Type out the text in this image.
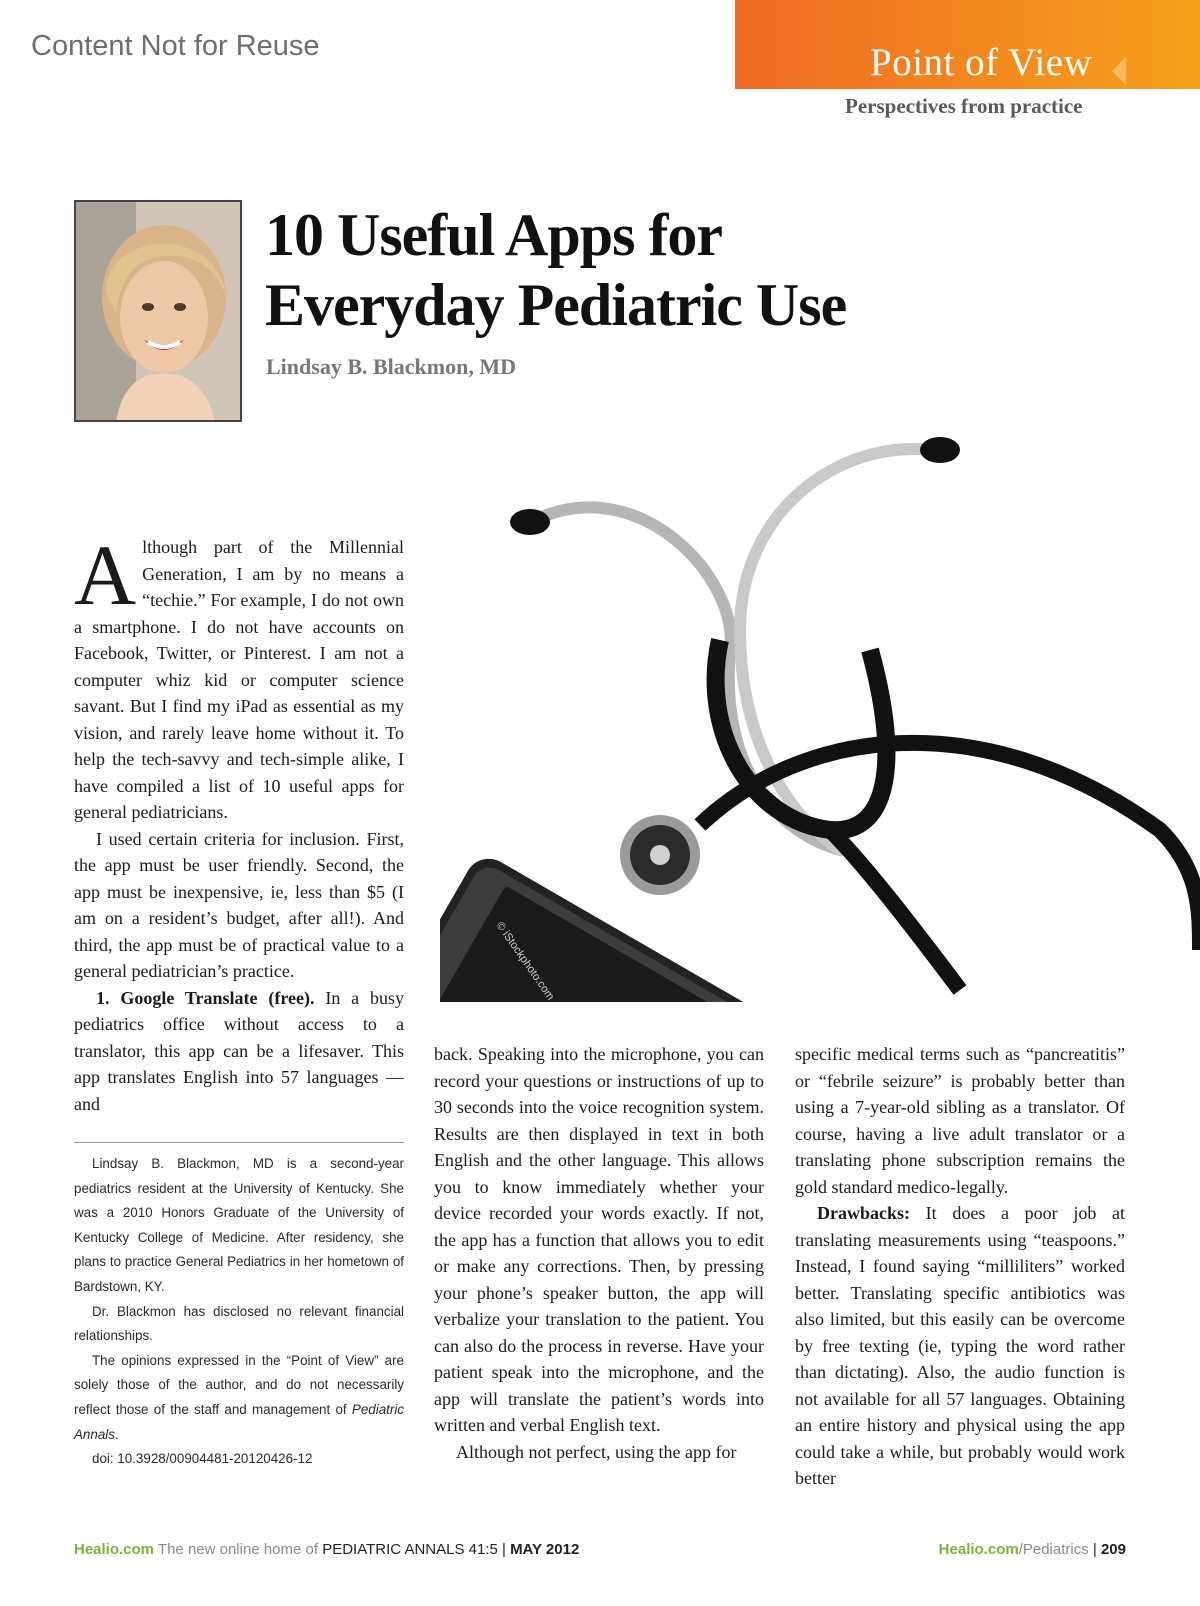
Content Not for Reuse	Point of View
Perspectives from practice
10 Useful Apps for
Everyday Pediatric Use
Lindsay B. Blackmon, MD
© iStockphoto.com

Although part of the Millennial Generation, I am by no means a “techie.” For example, I do not own a smartphone. I do not have accounts on Facebook, Twitter, or Pinterest. I am not a computer whiz kid or computer science savant. But I find my iPad as essential as my vision, and rarely leave home without it. To help the tech-savvy and tech-simple alike, I have compiled a list of 10 useful apps for general pediatricians.

I used certain criteria for inclusion. First, the app must be user friendly. Second, the app must be inexpensive, ie, less than $5 (I am on a resident’s budget, after all!). And third, the app must be of practical value to a general pediatrician’s practice.

1. Google Translate (free). In a busy pediatrics office without access to a translator, this app can be a lifesaver. This app translates English into 57 languages — and

Lindsay B. Blackmon, MD is a second-year pediatrics resident at the University of Kentucky. She was a 2010 Honors Graduate of the University of Kentucky College of Medicine. After residency, she plans to practice General Pediatrics in her hometown of Bardstown, KY.

Dr. Blackmon has disclosed no relevant financial relationships.

The opinions expressed in the “Point of View” are solely those of the author, and do not necessarily reflect those of the staff and management of Pediatric Annals.

doi: 10.3928/00904481-20120426-12

back. Speaking into the microphone, you can record your questions or instructions of up to 30 seconds into the voice recognition system. Results are then displayed in text in both English and the other language. This allows you to know immediately whether your device recorded your words exactly. If not, the app has a function that allows you to edit or make any corrections. Then, by pressing your phone’s speaker button, the app will verbalize your translation to the patient. You can also do the process in reverse. Have your patient speak into the microphone, and the app will translate the patient’s words into written and verbal English text.

Although not perfect, using the app for

specific medical terms such as “pancreatitis” or “febrile seizure” is probably better than using a 7-year-old sibling as a translator. Of course, having a live adult translator or a translating phone subscription remains the gold standard medico-legally.

Drawbacks: It does a poor job at translating measurements using “teaspoons.” Instead, I found saying “milliliters” worked better. Translating specific antibiotics was also limited, but this easily can be overcome by free texting (ie, typing the word rather than dictating). Also, the audio function is not available for all 57 languages. Obtaining an entire history and physical using the app could take a while, but probably would work better

Healio.com The new online home of PEDIATRIC ANNALS 41:5 | MAY 2012	Healio.com/Pediatrics | 209
